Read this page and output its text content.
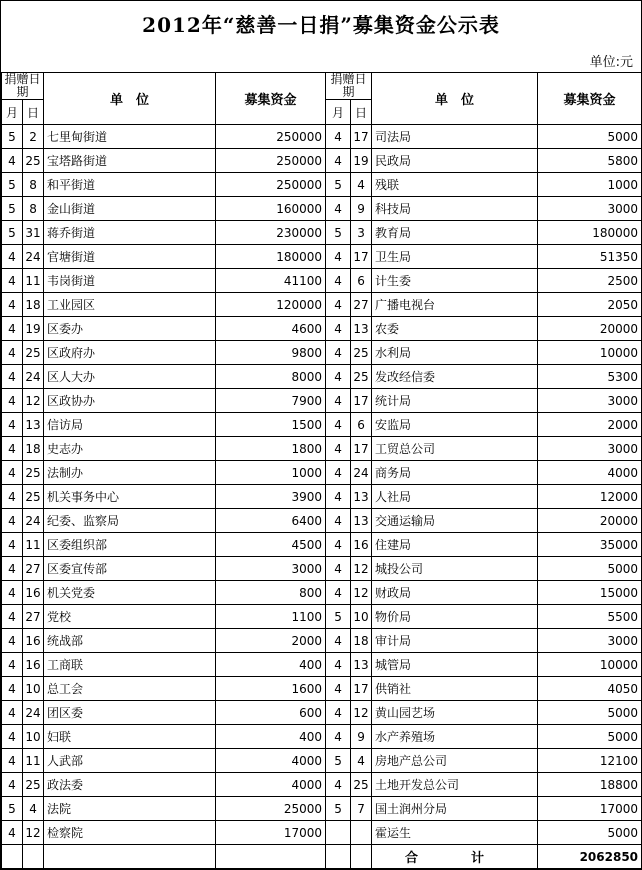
2012年“慈善一日捐”募集资金公示表
单位:元
捐赠日期		单　位	募集资金	捐赠日期		单　位	募集资金
月	日			月	日		
5	2	七里甸街道	250000	4	17	司法局	5000
4	25	宝塔路街道	250000	4	19	民政局	5800
5	8	和平街道	250000	5	4	残联	1000
5	8	金山街道	160000	4	9	科技局	3000
5	31	蒋乔街道	230000	5	3	教育局	180000
4	24	官塘街道	180000	4	17	卫生局	51350
4	11	韦岗街道	41100	4	6	计生委	2500
4	18	工业园区	120000	4	27	广播电视台	2050
4	19	区委办	4600	4	13	农委	20000
4	25	区政府办	9800	4	25	水利局	10000
4	24	区人大办	8000	4	25	发改经信委	5300
4	12	区政协办	7900	4	17	统计局	3000
4	13	信访局	1500	4	6	安监局	2000
4	18	史志办	1800	4	17	工贸总公司	3000
4	25	法制办	1000	4	24	商务局	4000
4	25	机关事务中心	3900	4	13	人社局	12000
4	24	纪委、监察局	6400	4	13	交通运输局	20000
4	11	区委组织部	4500	4	16	住建局	35000
4	27	区委宣传部	3000	4	12	城投公司	5000
4	16	机关党委	800	4	12	财政局	15000
4	27	党校	1100	5	10	物价局	5500
4	16	统战部	2000	4	18	审计局	3000
4	16	工商联	400	4	13	城管局	10000
4	10	总工会	1600	4	17	供销社	4050
4	24	团区委	600	4	12	黄山园艺场	5000
4	10	妇联	400	4	9	水产养殖场	5000
4	11	人武部	4000	5	4	房地产总公司	12100
4	25	政法委	4000	4	25	土地开发总公司	18800
5	4	法院	25000	5	7	国土润州分局	17000
4	12	检察院	17000			霍运生	5000
						合　计	2062850
